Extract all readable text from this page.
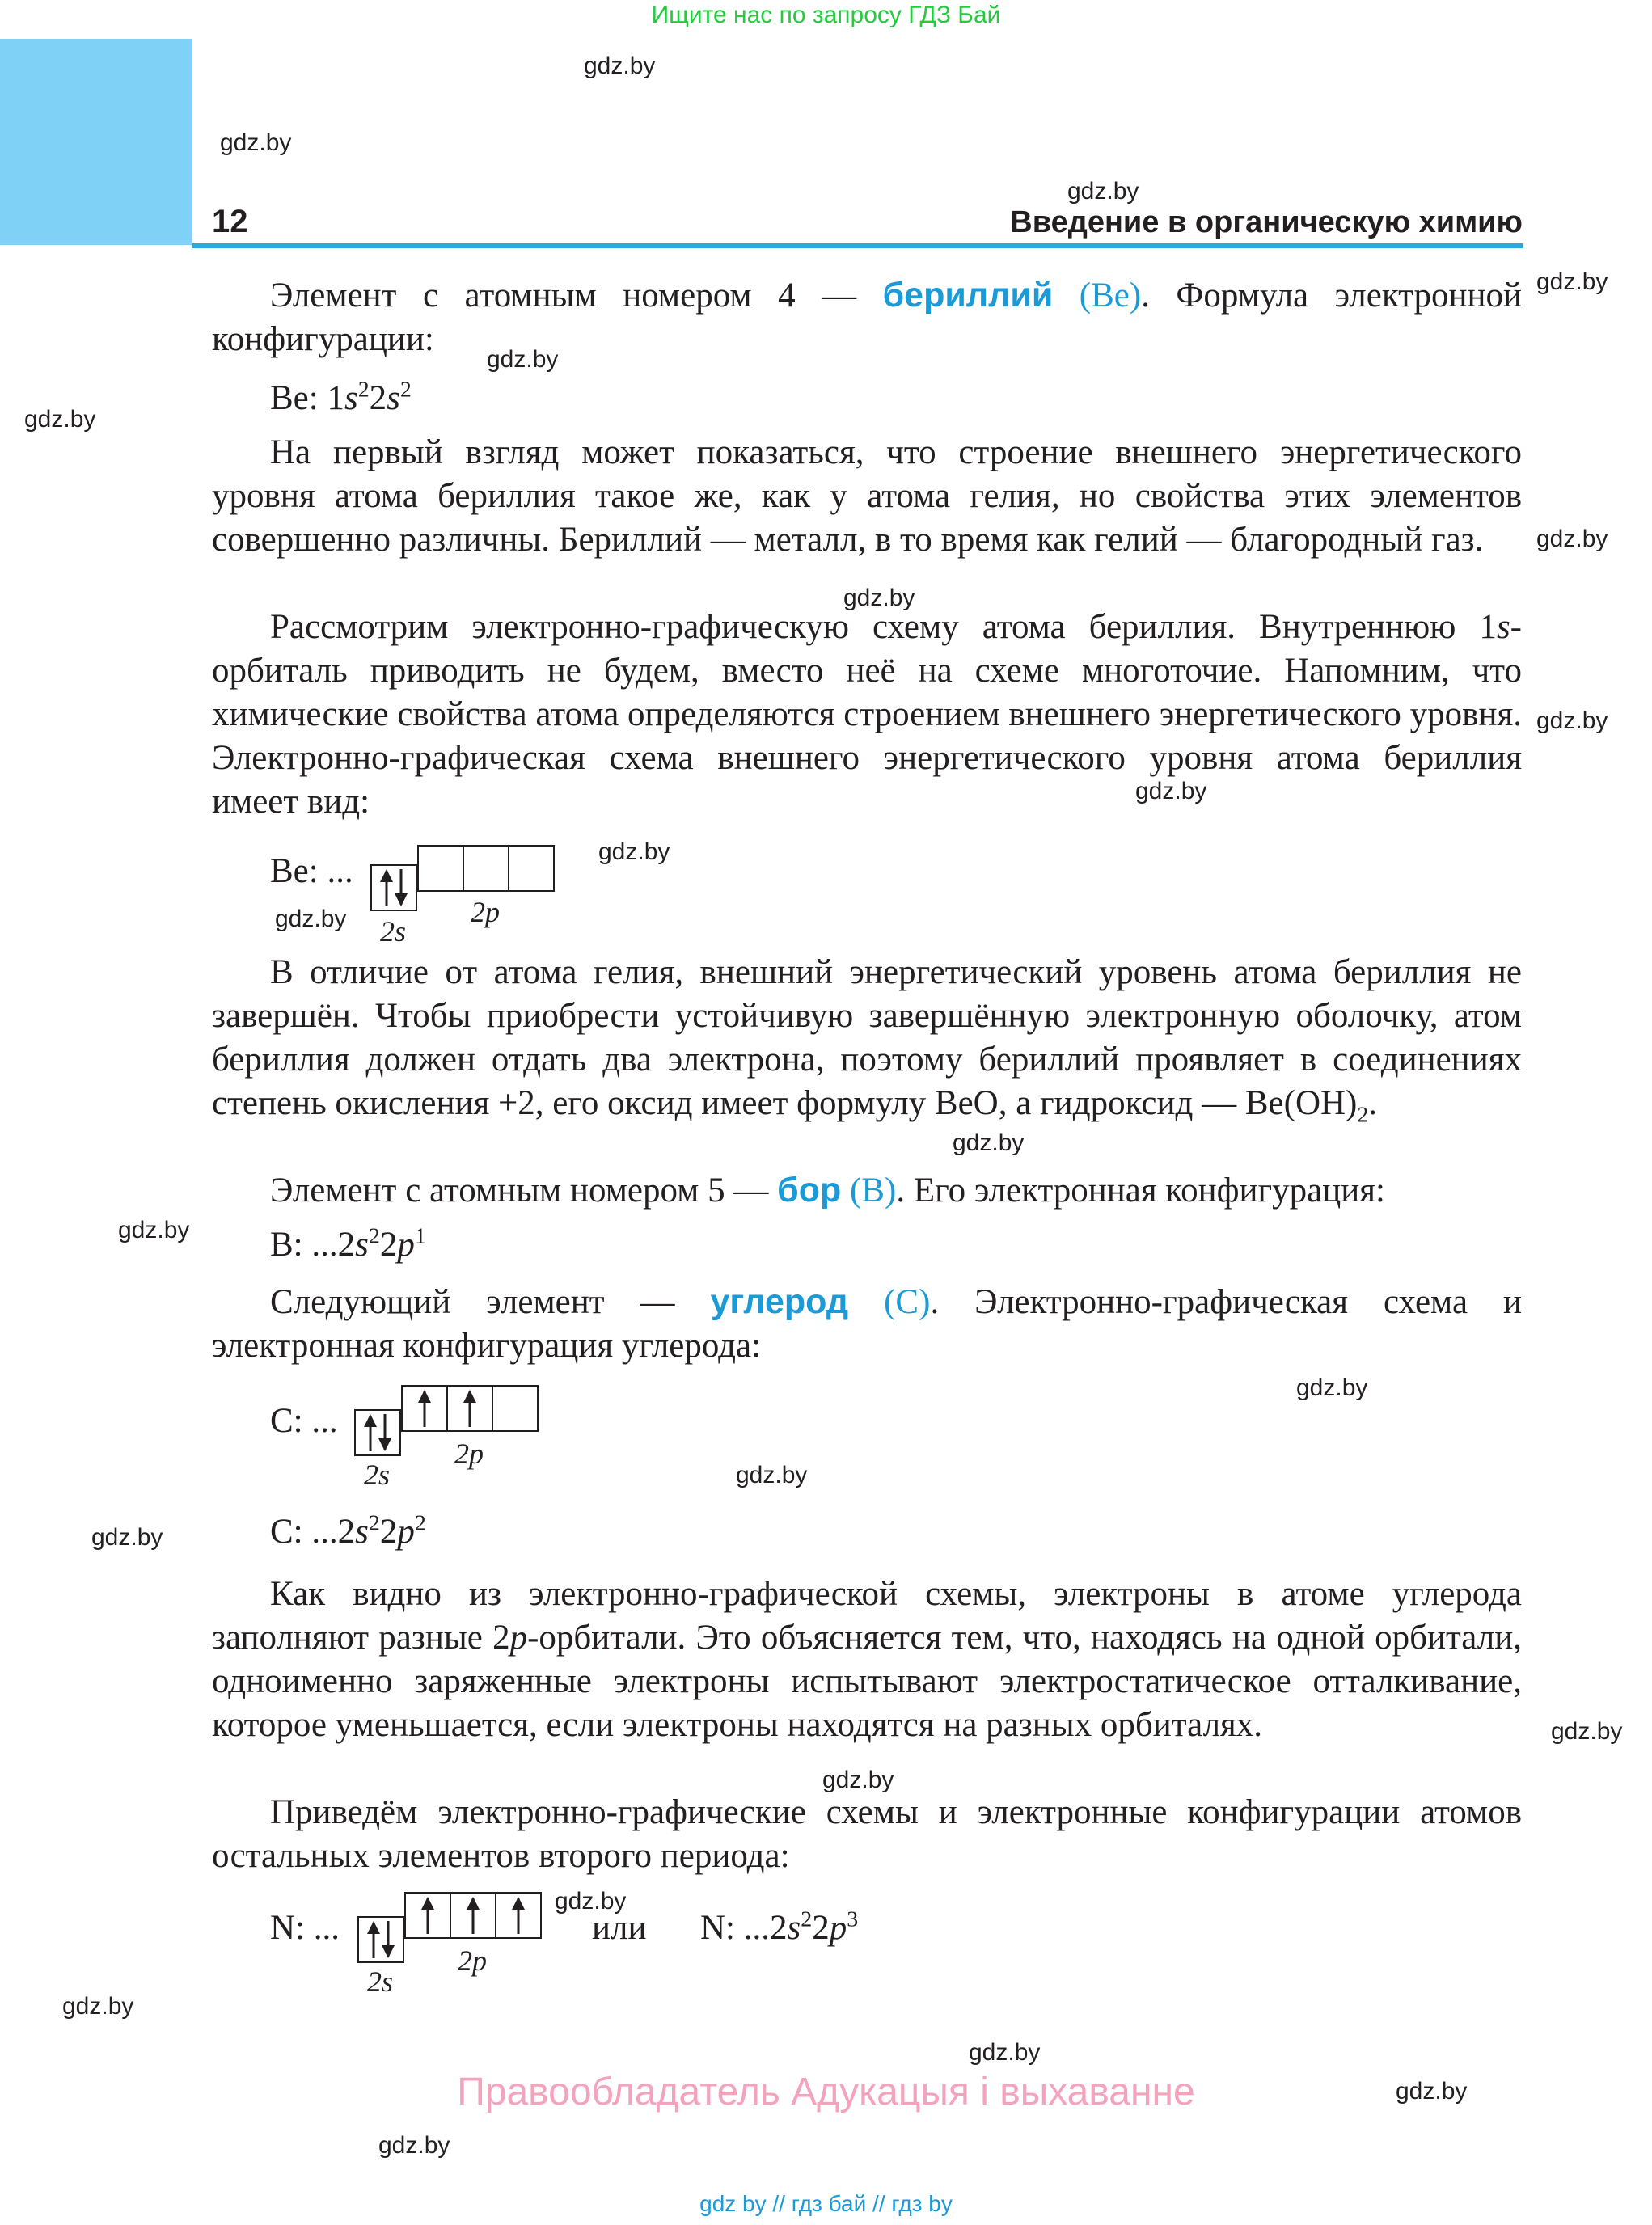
Ищите нас по запросу ГДЗ Бай
12	Введение в органическую химию
gdz.by
gdz.by
gdz.by
gdz.by
gdz.by
gdz.by
gdz.by
gdz.by
gdz.by
gdz.by
gdz.by
gdz.by
gdz.by
gdz.by
gdz.by
gdz.by
gdz.by
gdz.by
gdz.by
gdz.by
gdz.by
gdz.by
gdz.by
gdz.by
Элемент с атомным номером 4 — бериллий (Be). Формула электронной конфигурации:
Be: $1s^22s^2$
На первый взгляд может показаться, что строение внешнего энергетического уровня атома бериллия такое же, как у атома гелия, но свойства этих элементов совершенно различны. Бериллий — металл, в то время как гелий — благородный газ.
Рассмотрим электронно-графическую схему атома бериллия. Внутреннюю 1s-орбиталь приводить не будем, вместо неё на схеме многоточие. Напомним, что химические свойства атома определяются строением внешнего энергетического уровня. Электронно-графическая схема внешнего энергетического уровня атома бериллия имеет вид:
Be: ...
2s
2p
В отличие от атома гелия, внешний энергетический уровень атома бериллия не завершён. Чтобы приобрести устойчивую завершённую электронную оболочку, атом бериллия должен отдать два электрона, поэтому бериллий проявляет в соединениях степень окисления +2, его оксид имеет формулу BeO, а гидроксид — $Be(OH)_2$.
Элемент с атомным номером 5 — бор (B). Его электронная конфигурация:
B: $...2s^22p^1$
Следующий элемент — углерод (C). Электронно-графическая схема и электронная конфигурация углерода:
C: ...
2s
2p
C: $...2s^22p^2$
Как видно из электронно-графической схемы, электроны в атоме углерода заполняют разные 2p-орбитали. Это объясняется тем, что, находясь на одной орбитали, одноименно заряженные электроны испытывают электростатическое отталкивание, которое уменьшается, если электроны находятся на разных орбиталях.
Приведём электронно-графические схемы и электронные конфигурации атомов остальных элементов второго периода:
N: ...
2s
2p
или N: $...2s^22p^3$
Правообладатель Адукацыя і выхаванне
gdz by // гдз бай // гдз by
